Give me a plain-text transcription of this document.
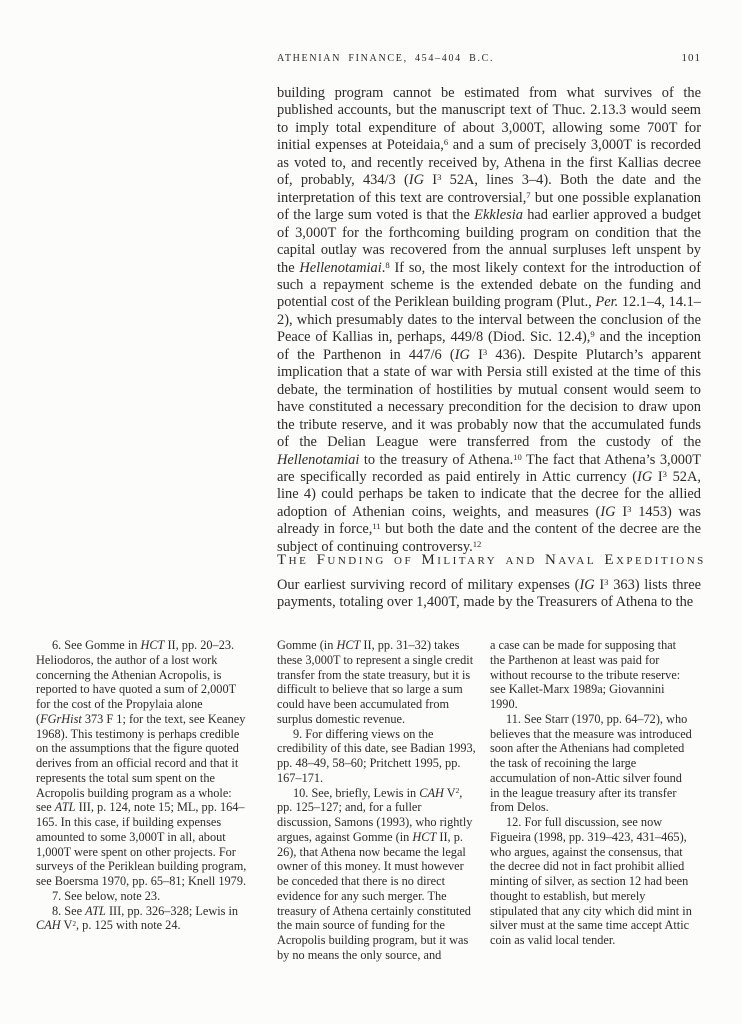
ATHENIAN FINANCE, 454–404 B.C.	101

building program cannot be estimated from what survives of the published accounts, but the manuscript text of Thuc. 2.13.3 would seem to imply total expenditure of about 3,000T, allowing some 700T for initial expenses at Poteidaia,$^6$ and a sum of precisely 3,000T is recorded as voted to, and recently received by, Athena in the first Kallias decree of, probably, 434/3 (IG $I^3$ 52A, lines 3–4). Both the date and the interpretation of this text are controversial,$^7$ but one possible explanation of the large sum voted is that the Ekklesia had earlier approved a budget of 3,000T for the forthcoming building program on condition that the capital outlay was recovered from the annual surpluses left unspent by the Hellenotamiai.$^8$ If so, the most likely context for the introduction of such a repayment scheme is the extended debate on the funding and potential cost of the Periklean building program (Plut., Per. 12.1–4, 14.1–2), which presumably dates to the interval between the conclusion of the Peace of Kallias in, perhaps, 449/8 (Diod. Sic. 12.4),$^9$ and the inception of the Parthenon in 447/6 (IG $I^3$ 436). Despite Plutarch’s apparent implication that a state of war with Persia still existed at the time of this debate, the termination of hostilities by mutual consent would seem to have constituted a necessary precondition for the decision to draw upon the tribute reserve, and it was probably now that the accumulated funds of the Delian League were transferred from the custody of the Hellenotamiai to the treasury of Athena.$^{10}$ The fact that Athena’s 3,000T are specifically recorded as paid entirely in Attic currency (IG $I^3$ 52A, line 4) could perhaps be taken to indicate that the decree for the allied adoption of Athenian coins, weights, and measures (IG $I^3$ 1453) was already in force,$^{11}$ but both the date and the content of the decree are the subject of continuing controversy.$^{12}$

The Funding of Military and Naval Expeditions

Our earliest surviving record of military expenses (IG $I^3$ 363) lists three payments, totaling over 1,400T, made by the Treasurers of Athena to the

6. See Gomme in HCT II, pp. 20–23. Heliodoros, the author of a lost work concerning the Athenian Acropolis, is reported to have quoted a sum of 2,000T for the cost of the Propylaia alone (FGrHist 373 F 1; for the text, see Keaney 1968). This testimony is perhaps credible on the assumptions that the figure quoted derives from an official record and that it represents the total sum spent on the Acropolis building program as a whole: see ATL III, p. 124, note 15; ML, pp. 164–165. In this case, if building expenses amounted to some 3,000T in all, about 1,000T were spent on other projects. For surveys of the Periklean building program, see Boersma 1970, pp. 65–81; Knell 1979.

7. See below, note 23.

8. See ATL III, pp. 326–328; Lewis in CAH $V^2$, p. 125 with note 24.

Gomme (in HCT II, pp. 31–32) takes these 3,000T to represent a single credit transfer from the state treasury, but it is difficult to believe that so large a sum could have been accumulated from surplus domestic revenue.

9. For differing views on the credibility of this date, see Badian 1993, pp. 48–49, 58–60; Pritchett 1995, pp. 167–171.

10. See, briefly, Lewis in CAH $V^2$, pp. 125–127; and, for a fuller discussion, Samons (1993), who rightly argues, against Gomme (in HCT II, p. 26), that Athena now became the legal owner of this money. It must however be conceded that there is no direct evidence for any such merger. The treasury of Athena certainly constituted the main source of funding for the Acropolis building program, but it was by no means the only source, and

a case can be made for supposing that the Parthenon at least was paid for without recourse to the tribute reserve: see Kallet-Marx 1989a; Giovannini 1990.

11. See Starr (1970, pp. 64–72), who believes that the measure was introduced soon after the Athenians had completed the task of recoining the large accumulation of non-Attic silver found in the league treasury after its transfer from Delos.

12. For full discussion, see now Figueira (1998, pp. 319–423, 431–465), who argues, against the consensus, that the decree did not in fact prohibit allied minting of silver, as section 12 had been thought to establish, but merely stipulated that any city which did mint in silver must at the same time accept Attic coin as valid local tender.
